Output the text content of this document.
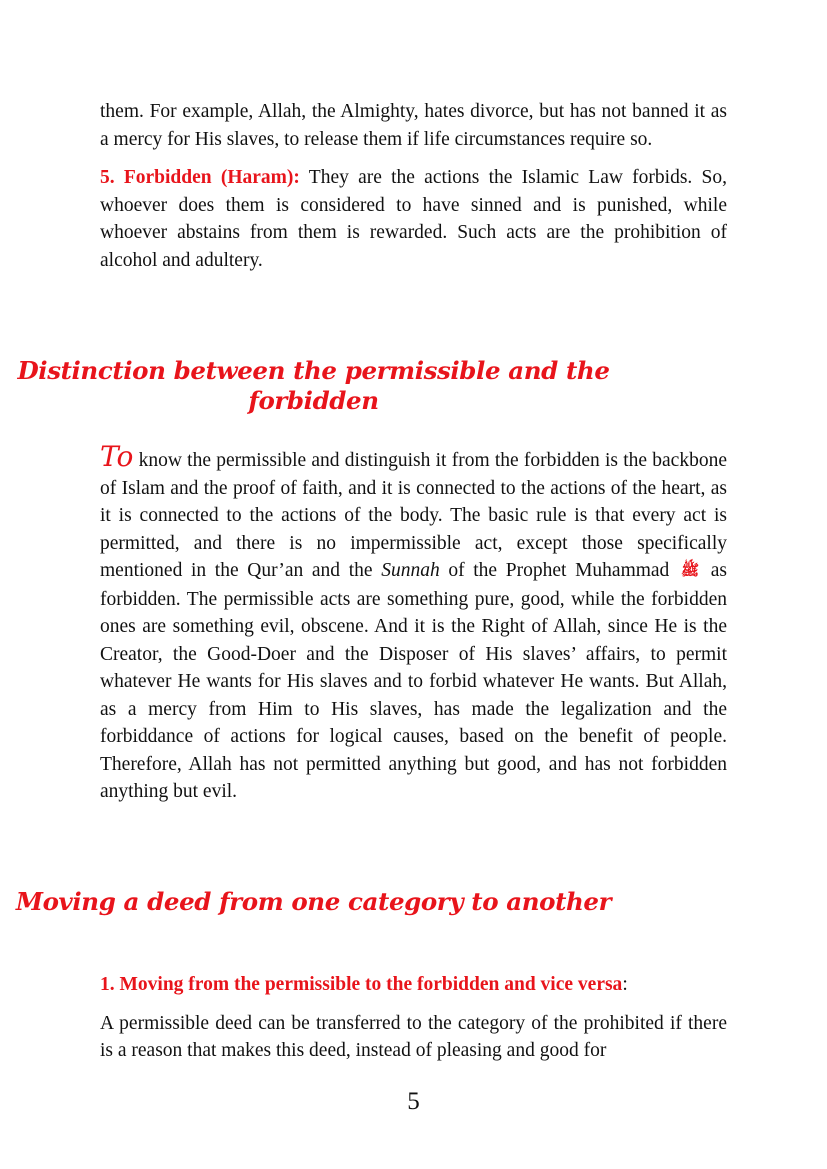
them. For example, Allah, the Almighty, hates divorce, but has not banned it as a mercy for His slaves, to release them if life circumstances require so.

5. Forbidden (Haram): They are the actions the Islamic Law forbids. So, whoever does them is considered to have sinned and is punished, while whoever abstains from them is rewarded. Such acts are the prohibition of alcohol and adultery.

Distinction between the permissible and the forbidden

To know the permissible and distinguish it from the forbidden is the backbone of Islam and the proof of faith, and it is connected to the actions of the heart, as it is connected to the actions of the body. The basic rule is that every act is permitted, and there is no impermissible act, except those specifically mentioned in the Qur’an and the Sunnah of the Prophet Muhammad ﷺ as forbidden. The permissible acts are something pure, good, while the forbidden ones are something evil, obscene. And it is the Right of Allah, since He is the Creator, the Good-Doer and the Disposer of His slaves’ affairs, to permit whatever He wants for His slaves and to forbid whatever He wants. But Allah, as a mercy from Him to His slaves, has made the legalization and the forbiddance of actions for logical causes, based on the benefit of people. Therefore, Allah has not permitted anything but good, and has not forbidden anything but evil.

Moving a deed from one category to another

1. Moving from the permissible to the forbidden and vice versa:

A permissible deed can be transferred to the category of the prohibited if there is a reason that makes this deed, instead of pleasing and good for

5
